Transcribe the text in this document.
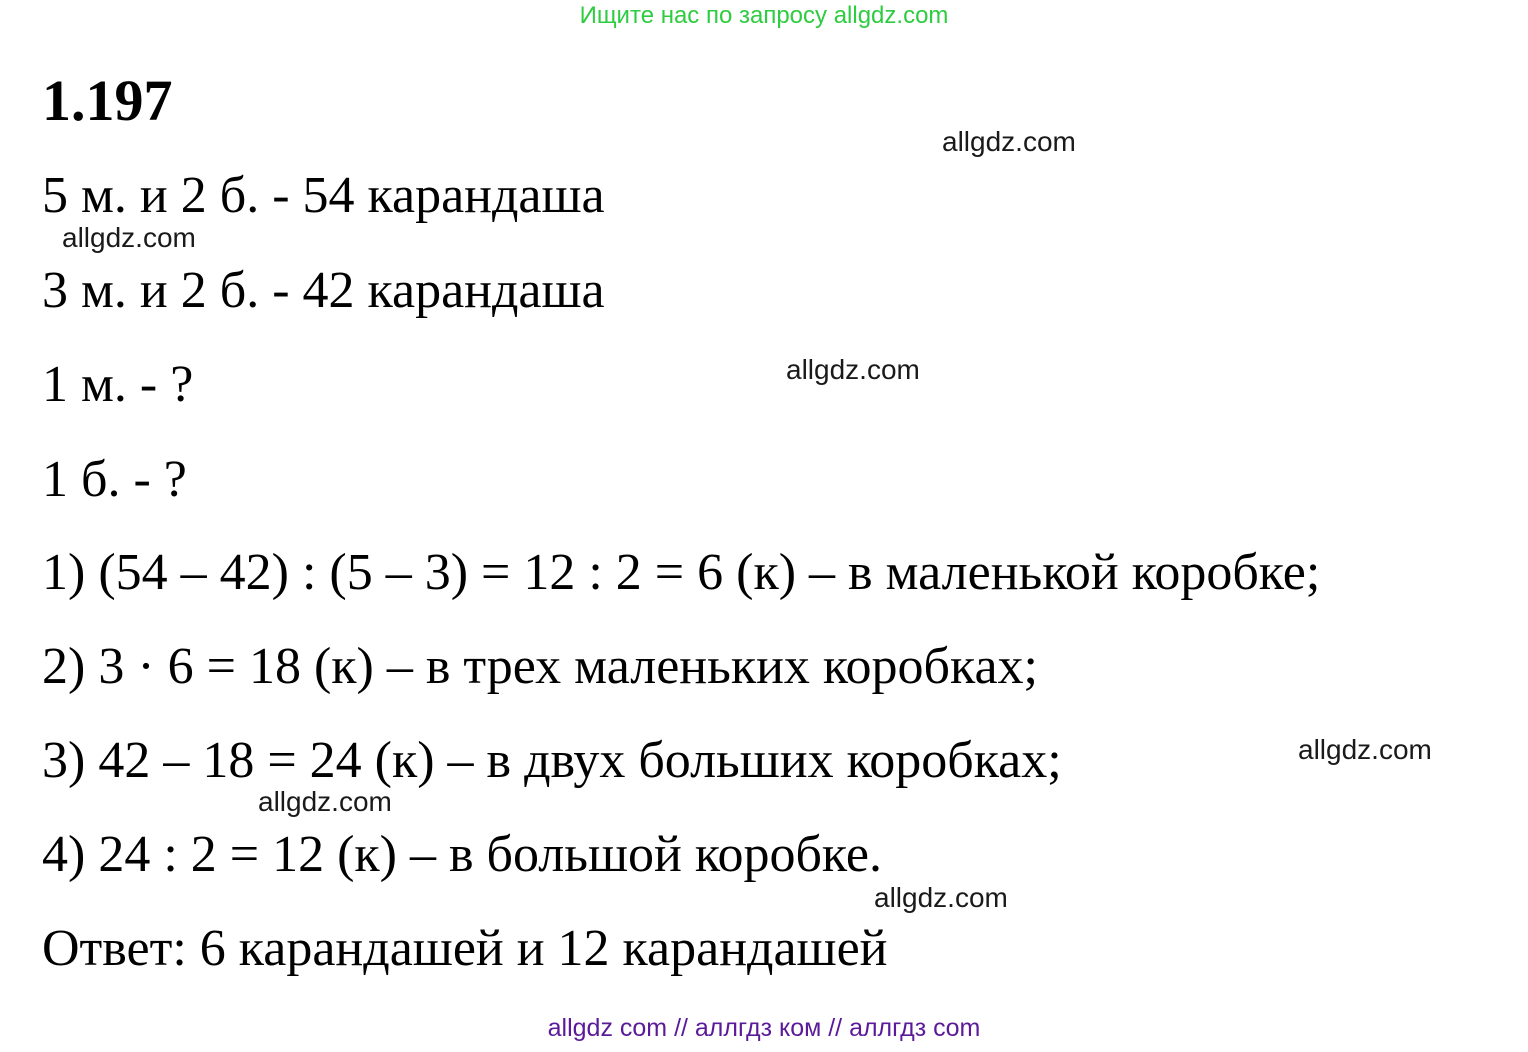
Ищите нас по запросу allgdz.com
1.197
5 м. и 2 б. - 54 карандаша
3 м. и 2 б. - 42 карандаша
1 м. - ?
1 б. - ?
1) (54 – 42) : (5 – 3) = 12 : 2 = 6 (к) – в маленькой коробке;
2) 3 · 6 = 18 (к) – в трех маленьких коробках;
3) 42 – 18 = 24 (к) – в двух больших коробках;
4) 24 : 2 = 12 (к) – в большой коробке.
Ответ: 6 карандашей и 12 карандашей
allgdz.com
allgdz.com
allgdz.com
allgdz.com
allgdz.com
allgdz.com
allgdz com // аллгдз ком // аллгдз com
